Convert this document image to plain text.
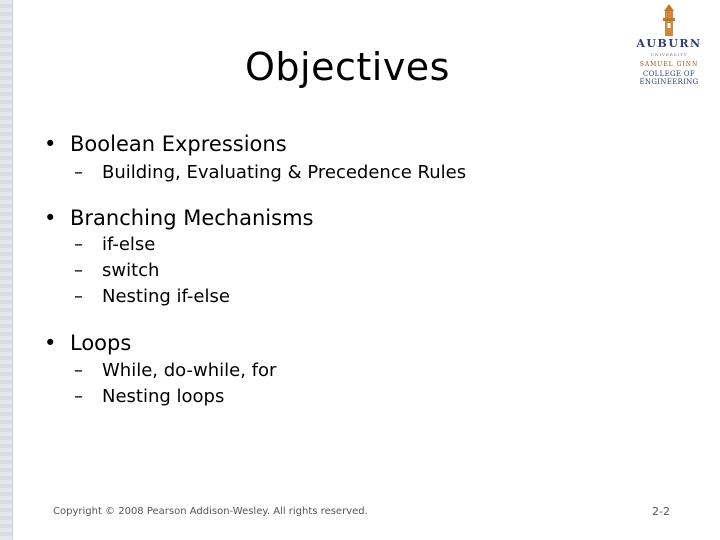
Objectives
AUBURN
UNIVERSITY
SAMUEL GINN
COLLEGE OF ENGINEERING
• Boolean Expressions
– Building, Evaluating & Precedence Rules
• Branching Mechanisms
– if-else
– switch
– Nesting if-else
• Loops
– While, do-while, for
– Nesting loops
Copyright © 2008 Pearson Addison-Wesley. All rights reserved.	2-2
